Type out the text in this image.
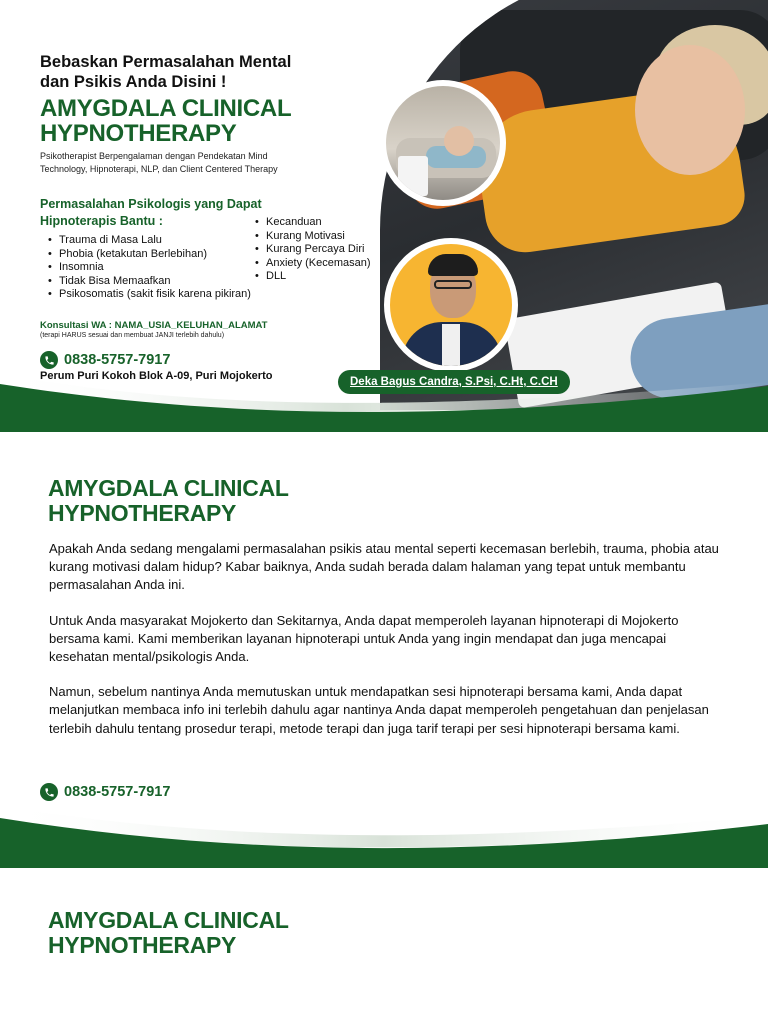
Deka Bagus Candra, S.Psi, C.Ht, C.CH
Bebaskan Permasalahan Mental
dan Psikis Anda Disini !
AMYGDALA CLINICAL
HYPNOTHERAPY
Psikotherapist Berpengalaman dengan Pendekatan Mind
Technology, Hipnoterapi, NLP, dan Client Centered Therapy
Permasalahan Psikologis yang Dapat
Hipnoterapis Bantu :
• Trauma di Masa Lalu
• Phobia (ketakutan Berlebihan)
• Insomnia
• Tidak Bisa Memaafkan
• Psikosomatis (sakit fisik karena pikiran)
• Kecanduan
• Kurang Motivasi
• Kurang Percaya Diri
• Anxiety (Kecemasan)
• DLL
Konsultasi WA : NAMA_USIA_KELUHAN_ALAMAT
(terapi HARUS sesuai dan membuat JANJI terlebih dahulu)
0838-5757-7917
Perum Puri Kokoh Blok A-09, Puri Mojokerto
AMYGDALA CLINICAL
HYPNOTHERAPY

Apakah Anda sedang mengalami permasalahan psikis atau mental seperti kecemasan berlebih, trauma, phobia atau kurang motivasi dalam hidup? Kabar baiknya, Anda sudah berada dalam halaman yang tepat untuk membantu permasalahan Anda ini.

Untuk Anda masyarakat Mojokerto dan Sekitarnya, Anda dapat memperoleh layanan hipnoterapi di Mojokerto bersama kami. Kami memberikan layanan hipnoterapi untuk Anda yang ingin mendapat dan juga mencapai kesehatan mental/psikologis Anda.

Namun, sebelum nantinya Anda memutuskan untuk mendapatkan sesi hipnoterapi bersama kami, Anda dapat melanjutkan membaca info ini terlebih dahulu agar nantinya Anda dapat memperoleh pengetahuan dan penjelasan terlebih dahulu tentang prosedur terapi, metode terapi dan juga tarif terapi per sesi hipnoterapi bersama kami.

0838-5757-7917
AMYGDALA CLINICAL
HYPNOTHERAPY
